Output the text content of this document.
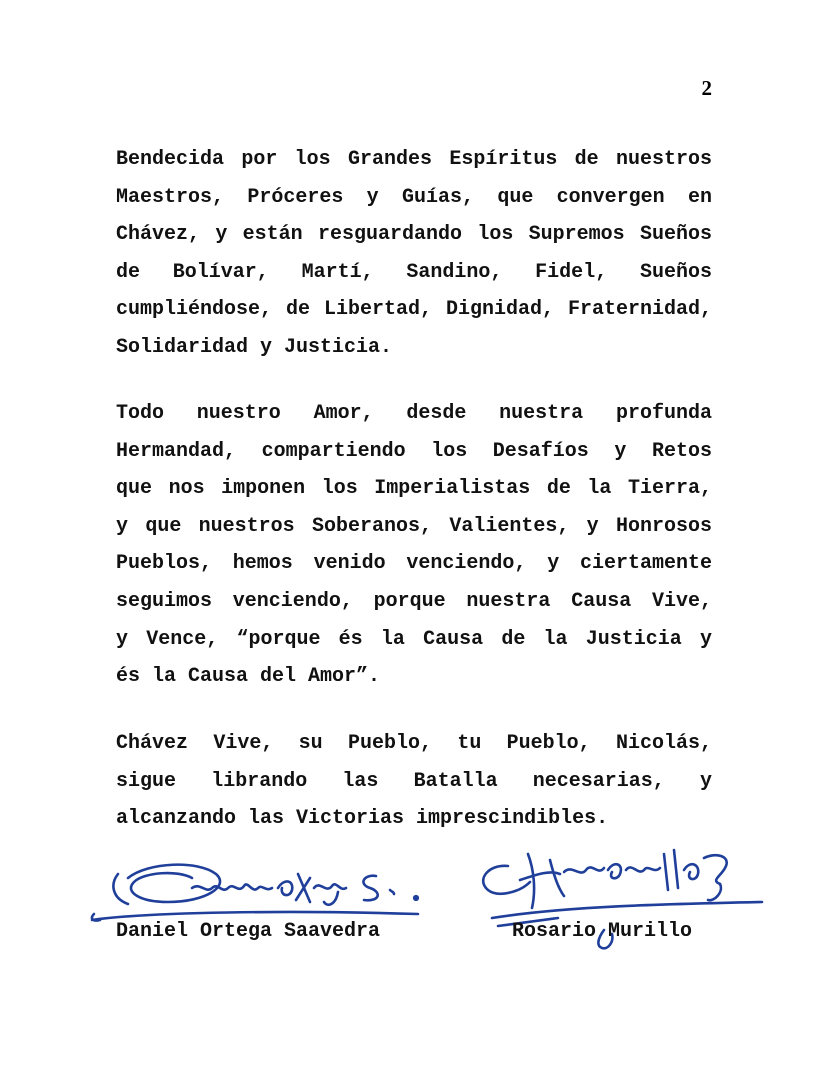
2
Bendecida por los Grandes Espíritus de nuestros
Maestros, Próceres y Guías, que convergen en
Chávez, y están resguardando los Supremos Sueños
de Bolívar, Martí, Sandino, Fidel, Sueños
cumpliéndose, de Libertad, Dignidad, Fraternidad,
Solidaridad y Justicia.
Todo nuestro Amor, desde nuestra profunda
Hermandad, compartiendo los Desafíos y Retos
que nos imponen los Imperialistas de la Tierra,
y que nuestros Soberanos, Valientes, y Honrosos
Pueblos, hemos venido venciendo, y ciertamente
seguimos venciendo, porque nuestra Causa Vive,
y Vence, “porque és la Causa de la Justicia y
és la Causa del Amor”.
Chávez Vive, su Pueblo, tu Pueblo, Nicolás,
sigue librando las Batalla necesarias, y
alcanzando las Victorias imprescindibles.

Daniel Ortega Saavedra	Rosario Murillo
